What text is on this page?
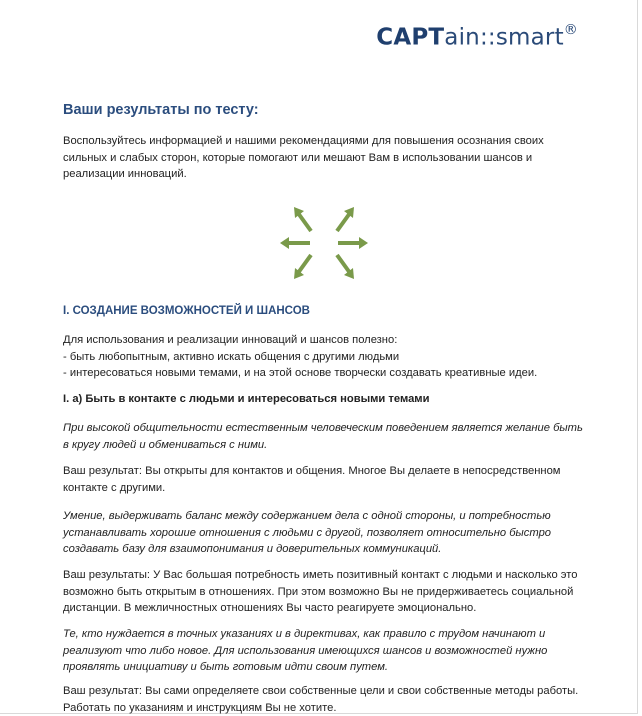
CAPTain::smart®
Ваши результаты по тесту:

Воспользуйтесь информацией и нашими рекомендациями для повышения осознания своих

сильных и слабых сторон, которые помогают или мешают Вам в использовании шансов и

реализации инноваций.

I. СОЗДАНИЕ ВОЗМОЖНОСТЕЙ И ШАНСОВ

Для использования и реализации инноваций и шансов полезно:

- быть любопытным, активно искать общения с другими людьми

- интересоваться новыми темами, и на этой основе творчески создавать креативные идеи.

I. а) Быть в контакте с людьми и интересоваться новыми темами

При высокой общительности естественным человеческим поведением является желание быть

в кругу людей и обмениваться с ними.

Ваш результат: Вы открыты для контактов и общения. Многое Вы делаете в непосредственном

контакте с другими.

Умение, выдерживать баланс между содержанием дела с одной стороны, и потребностью

устанавливать хорошие отношения с людьми с другой, позволяет относительно быстро

создавать базу для взаимопонимания и доверительных коммуникаций.

Ваш результаты: У Вас большая потребность иметь позитивный контакт с людьми и насколько это

возможно быть открытым в отношениях. При этом возможно Вы не придерживаетесь социальной

дистанции. В межличностных отношениях Вы часто реагируете эмоционально.

Те, кто нуждается в точных указаниях и в директивах, как правило с трудом начинают и

реализуют что либо новое. Для использования имеющихся шансов и возможностей нужно

проявлять инициативу и быть готовым идти своим путем.

Ваш результат: Вы сами определяете свои собственные цели и свои собственные методы работы.

Работать по указаниям и инструкциям Вы не хотите.
